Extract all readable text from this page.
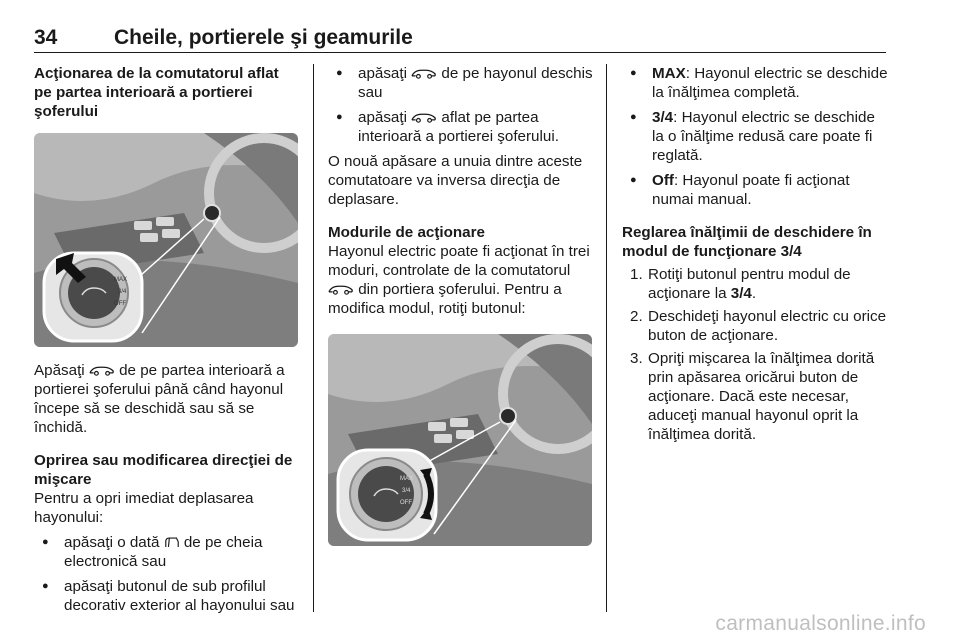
34	Cheile, portierele şi geamurile

Acţionarea de la comutatorul aflat pe partea interioară a portierei şoferului

MAX
3/4
OFF

Apăsaţi  de pe partea interioară a portierei şoferului până când hayonul începe să se deschidă sau să se închidă.

Oprirea sau modificarea direcţiei de mişcare

Pentru a opri imediat deplasarea hayonului:

● apăsaţi o dată  de pe cheia electronică sau
● apăsaţi butonul de sub profilul decorativ exterior al hayonului sau
● apăsaţi  de pe hayonul deschis sau
● apăsaţi  aflat pe partea interioară a portierei şoferului.

O nouă apăsare a unuia dintre aceste comutatoare va inversa direcţia de deplasare.

Modurile de acţionare

Hayonul electric poate fi acţionat în trei moduri, controlate de la comutatorul  din portiera şoferului. Pentru a modifica modul, rotiţi butonul:

MAX
3/4
OFF
● MAX: Hayonul electric se deschide la înălţimea completă.
● 3/4: Hayonul electric se deschide la o înălţime redusă care poate fi reglată.
● Off: Hayonul poate fi acţionat numai manual.

Reglarea înălţimii de deschidere în modul de funcţionare 3/4

1. Rotiţi butonul pentru modul de acţionare la 3/4.
2. Deschideţi hayonul electric cu orice buton de acţionare.
3. Opriţi mişcarea la înălţimea dorită prin apăsarea oricărui buton de acţionare. Dacă este necesar, aduceţi manual hayonul oprit la înălţimea dorită.
carmanualsonline.info
